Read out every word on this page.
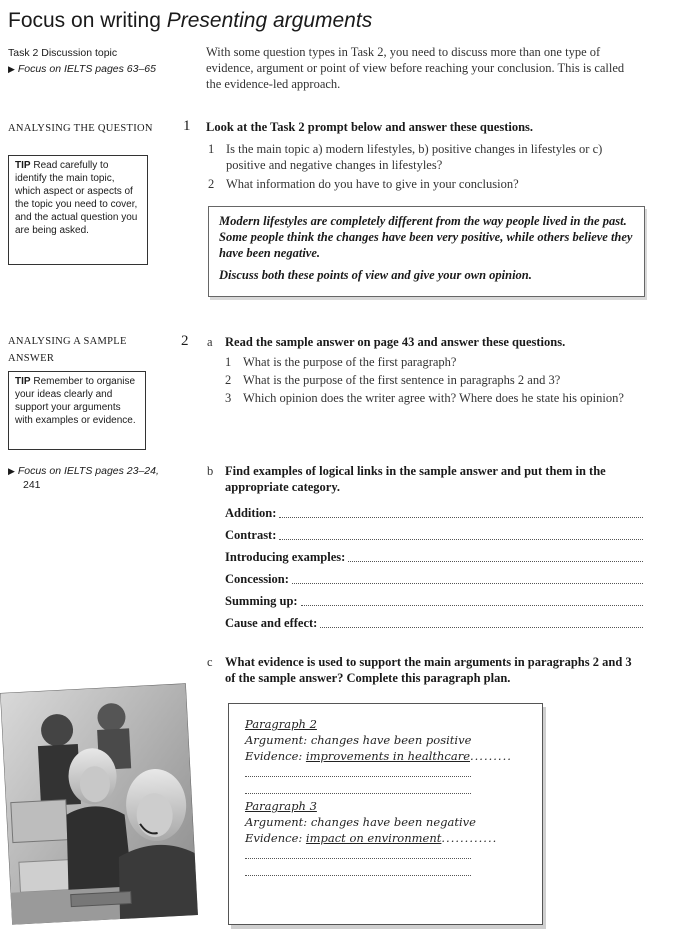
Focus on writing Presenting arguments
Task 2 Discussion topic
▶ Focus on IELTS pages 63–65
With some question types in Task 2, you need to discuss more than one type of evidence, argument or point of view before reaching your conclusion. This is called the evidence-led approach.
ANALYSING THE QUESTION
TIP Read carefully to identify the main topic, which aspect or aspects of the topic you need to cover, and the actual question you are being asked.
1 Look at the Task 2 prompt below and answer these questions.
1 Is the main topic a) modern lifestyles, b) positive changes in lifestyles or c) positive and negative changes in lifestyles?
2 What information do you have to give in your conclusion?
Modern lifestyles are completely different from the way people lived in the past. Some people think the changes have been very positive, while others believe they have been negative.
Discuss both these points of view and give your own opinion.
ANALYSING A SAMPLE
ANSWER
TIP Remember to organise your ideas clearly and support your arguments with examples or evidence.
▶ Focus on IELTS pages 23–24,
241
2 a Read the sample answer on page 43 and answer these questions.
1 What is the purpose of the first paragraph?
2 What is the purpose of the first sentence in paragraphs 2 and 3?
3 Which opinion does the writer agree with? Where does he state his opinion?
b Find examples of logical links in the sample answer and put them in the appropriate category.
Addition:
Contrast:
Introducing examples:
Concession:
Summing up:
Cause and effect:
c What evidence is used to support the main arguments in paragraphs 2 and 3 of the sample answer? Complete this paragraph plan.
Paragraph 2
Argument: changes have been positive
Evidence: improvements in healthcare.........
Paragraph 3
Argument: changes have been negative
Evidence: impact on environment............
